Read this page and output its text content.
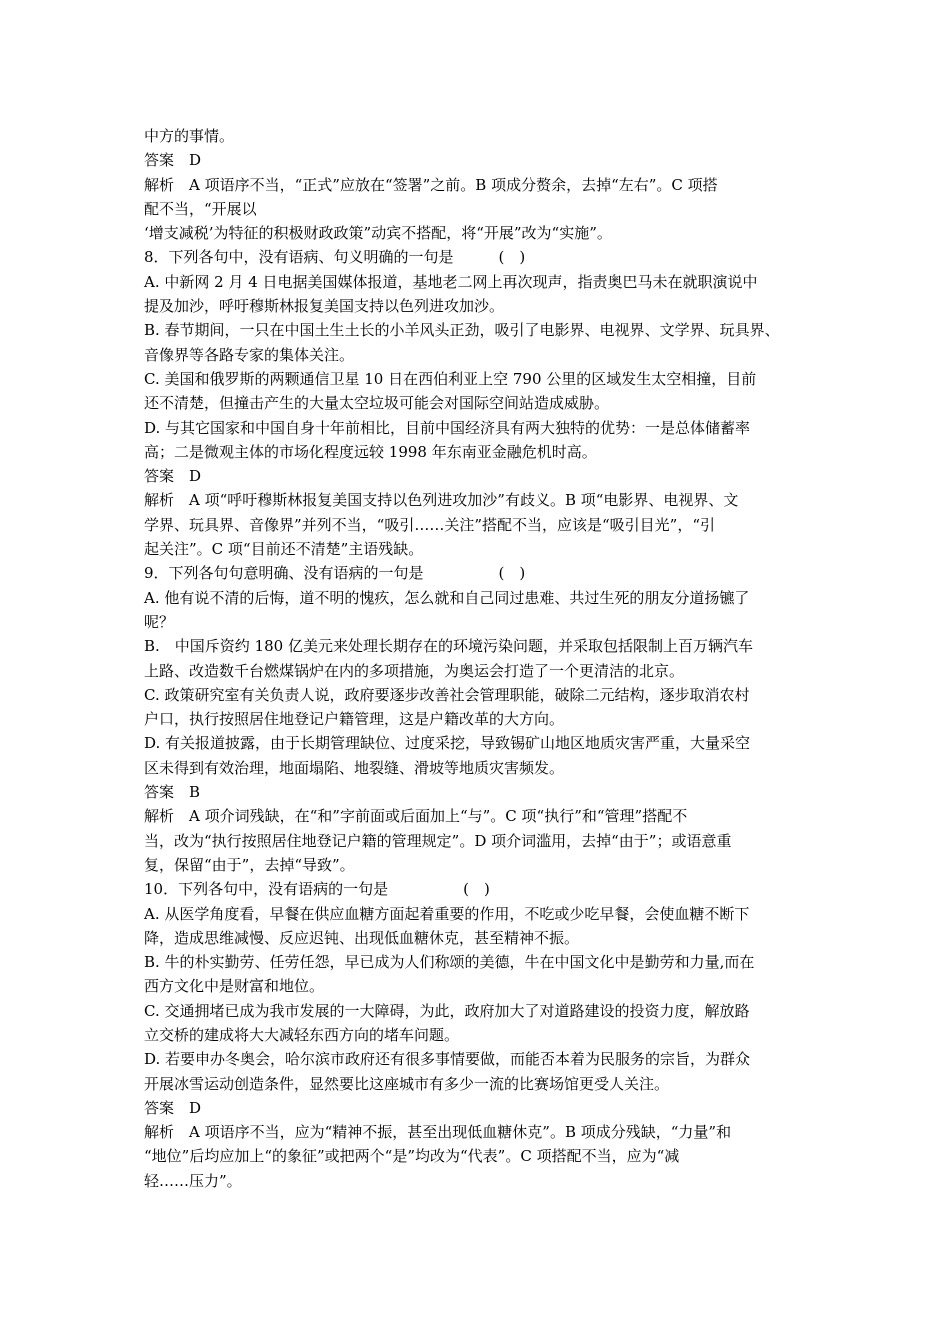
中方的事情。
答案　D
解析　A 项语序不当，“正式”应放在“签署”之前。B 项成分赘余，去掉“左右”。C 项搭
配不当，“开展以
‘增支减税’为特征的积极财政政策”动宾不搭配，将“开展”改为“实施”。
8．下列各句中，没有语病、句义明确的一句是　　　(　)
A. 中新网 2 月 4 日电据美国媒体报道，基地老二网上再次现声，指责奥巴马未在就职演说中
提及加沙，呼吁穆斯林报复美国支持以色列进攻加沙。
B. 春节期间，一只在中国土生土长的小羊风头正劲，吸引了电影界、电视界、文学界、玩具界、
音像界等各路专家的集体关注。
C. 美国和俄罗斯的两颗通信卫星 10 日在西伯利亚上空 790 公里的区域发生太空相撞，目前
还不清楚，但撞击产生的大量太空垃圾可能会对国际空间站造成威胁。
D. 与其它国家和中国自身十年前相比，目前中国经济具有两大独特的优势：一是总体储蓄率
高；二是微观主体的市场化程度远较 1998 年东南亚金融危机时高。
答案　D
解析　A 项“呼吁穆斯林报复美国支持以色列进攻加沙”有歧义。B 项“电影界、电视界、文
学界、玩具界、音像界”并列不当，“吸引……关注”搭配不当，应该是“吸引目光”，“引
起关注”。C 项“目前还不清楚”主语残缺。
9．下列各句句意明确、没有语病的一句是　　　　　(　)
A. 他有说不清的后悔，道不明的愧疚，怎么就和自己同过患难、共过生死的朋友分道扬镳了
呢？
B.　中国斥资约 180 亿美元来处理长期存在的环境污染问题，并采取包括限制上百万辆汽车
上路、改造数千台燃煤锅炉在内的多项措施，为奥运会打造了一个更清洁的北京。
C. 政策研究室有关负责人说，政府要逐步改善社会管理职能，破除二元结构，逐步取消农村
户口，执行按照居住地登记户籍管理，这是户籍改革的大方向。
D. 有关报道披露，由于长期管理缺位、过度采挖，导致锡矿山地区地质灾害严重，大量采空
区未得到有效治理，地面塌陷、地裂缝、滑坡等地质灾害频发。
答案　B
解析　A 项介词残缺，在“和”字前面或后面加上“与”。C 项“执行”和“管理”搭配不
当，改为“执行按照居住地登记户籍的管理规定”。D 项介词滥用，去掉“由于”；或语意重
复，保留“由于”，去掉“导致”。
10．下列各句中，没有语病的一句是　　　　　(　)
A. 从医学角度看，早餐在供应血糖方面起着重要的作用，不吃或少吃早餐，会使血糖不断下
降，造成思维减慢、反应迟钝、出现低血糖休克，甚至精神不振。
B. 牛的朴实勤劳、任劳任怨，早已成为人们称颂的美德，牛在中国文化中是勤劳和力量,而在
西方文化中是财富和地位。
C. 交通拥堵已成为我市发展的一大障碍，为此，政府加大了对道路建设的投资力度，解放路
立交桥的建成将大大减轻东西方向的堵车问题。
D. 若要申办冬奥会，哈尔滨市政府还有很多事情要做，而能否本着为民服务的宗旨，为群众
开展冰雪运动创造条件，显然要比这座城市有多少一流的比赛场馆更受人关注。
答案　D
解析　A 项语序不当，应为“精神不振，甚至出现低血糖休克”。B 项成分残缺，“力量”和
“地位”后均应加上“的象征”或把两个“是”均改为“代表”。C 项搭配不当，应为“减
轻……压力”。
